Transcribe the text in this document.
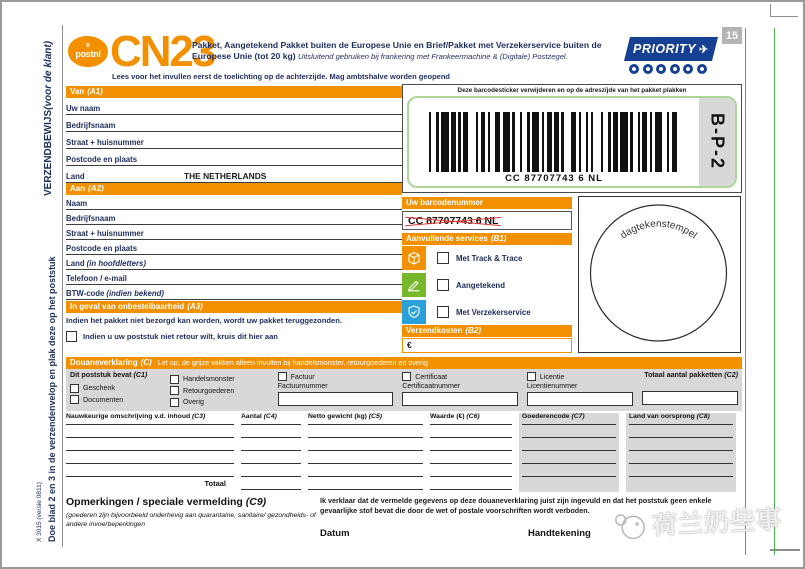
VERZENDBEWIJS(voor de klant)
Doe blad 2 en 3 in de verzendenvelop en plak deze op het poststuk
X 3015 (versie 0811)
♛
postnl CN23
Pakket, Aangetekend Pakket buiten de Europese Unie en Brief/Pakket met Verzekerservice buiten de Europese Unie (tot 20 kg) Uitsluitend gebruiken bij frankering met Frankeermachine & (Digitale) Postzegel.
Lees voor het invullen eerst de toelichting op de achterzijde. Mag ambtshalve worden geopend
PRIORITY ✈
15
Van (A1)
Uw naam
Bedrijfsnaam
Straat + huisnummer
Postcode en plaats
Land	THE NETHERLANDS
Aan (A2)
Naam
Bedrijfsnaam
Straat + huisnummer
Postcode en plaats
Land (in hoofdletters)
Telefoon / e-mail
BTW-code (indien bekend)
In geval van onbestelbaarheid (A3)
Indien het pakket niet bezorgd kan worden, wordt uw pakket teruggezonden.
Indien u uw poststuk niet retour wilt, kruis dit hier aan
Deze barcodesticker verwijderen en op de adreszijde van het pakket plakken
CC 87707743 6 NL
B-P-2
Uw barcodenummer
CC 87707743 6 NL
Aanvullende services (B1)
Met Track & Trace
Aangetekend
Met Verzekerservice
Verzendkosten (B2)
€
dagtekenstempel
Douaneverklaring (C) Let op, de grijze vakken alleen invullen bij handelsmonster, retourgoederen en overig
Dit poststuk bevat (C1)
Geschenk
Documenten
Handelsmonster
Retourgoederen
Overig
Factuur
Factuurnummer
Certificaat
Certificaatnummer
Licentie
Licentienummer
Totaal aantal pakketten (C2)
Nauwkeurige omschrijving v.d. inhoud (C3)
Totaal
Aantal (C4)	Netto gewicht (kg) (C5)	Waarde (€) (C6)	Goederencode (C7)	Land van oorsprong (C8)
Opmerkingen / speciale vermelding (C9)
(goederen zijn bijvoorbeeld onderhevig aan quarantaine, sanitaire/ gezondheids- of andere invoerbeperkingen
Ik verklaar dat de vermelde gegevens op deze douaneverklaring juist zijn ingevuld en dat het poststuk geen enkele gevaarlijke stof bevat die door de wet of postale voorschriften wordt verboden.
Datum	Handtekening 荷兰奶些事
